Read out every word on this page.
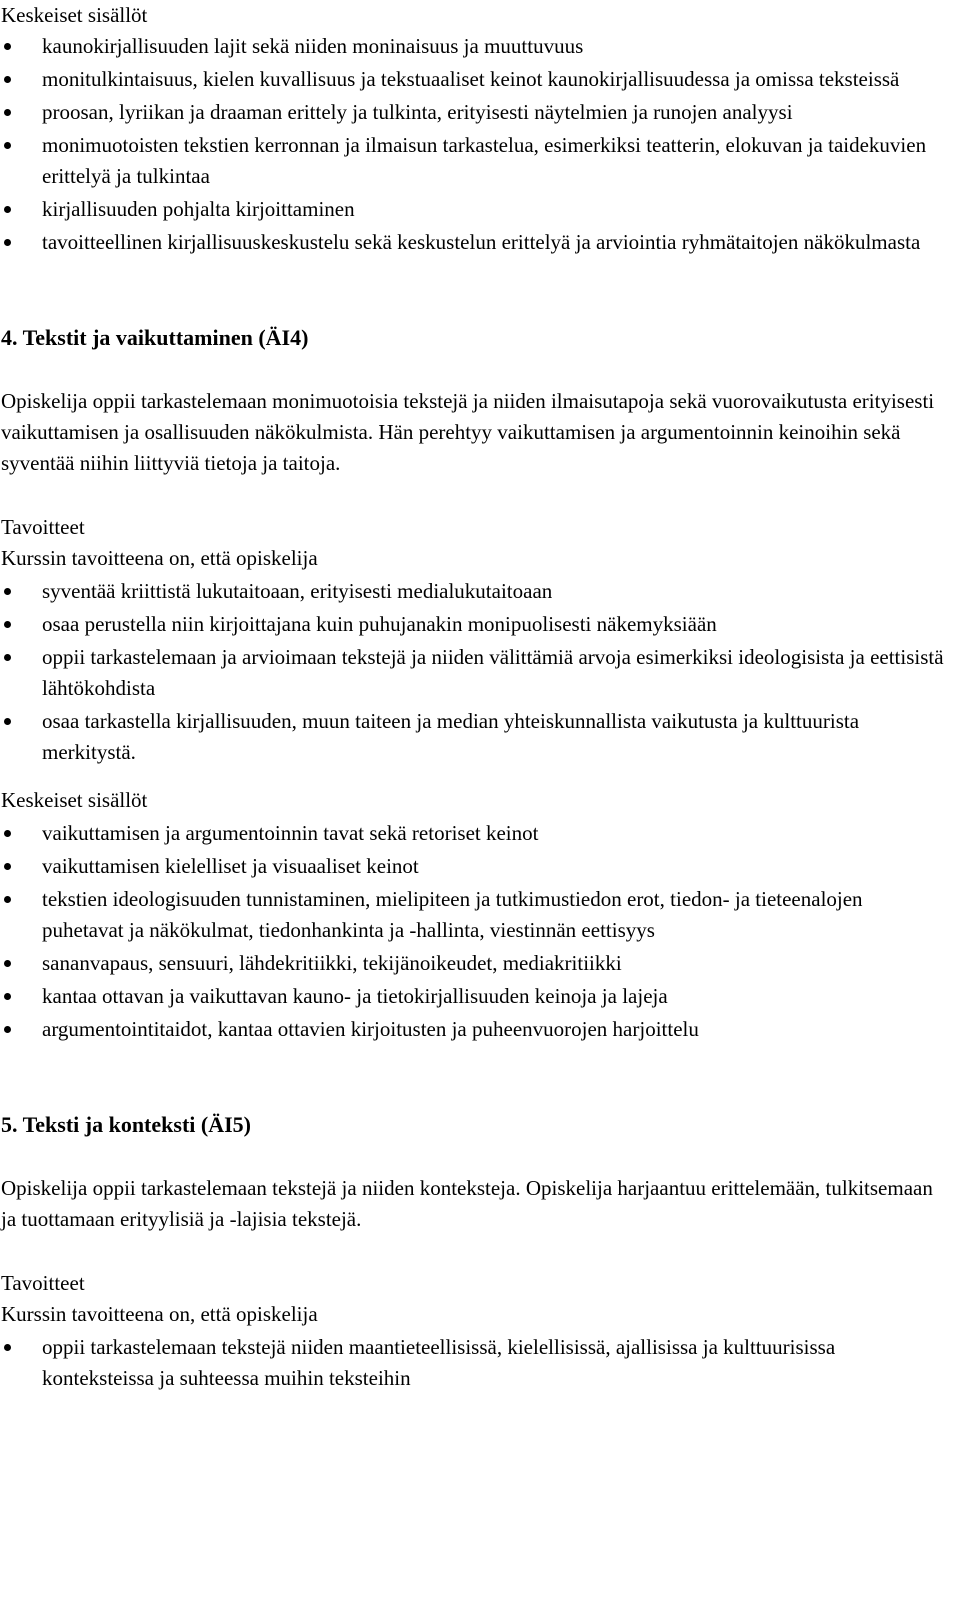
Keskeiset sisällöt

kaunokirjallisuuden lajit sekä niiden moninaisuus ja muuttuvuus
monitulkintaisuus, kielen kuvallisuus ja tekstuaaliset keinot kaunokirjallisuudessa ja omissa teksteissä
proosan, lyriikan ja draaman erittely ja tulkinta, erityisesti näytelmien ja runojen analyysi
monimuotoisten tekstien kerronnan ja ilmaisun tarkastelua, esimerkiksi teatterin, elokuvan ja taidekuvien erittelyä ja tulkintaa
kirjallisuuden pohjalta kirjoittaminen
tavoitteellinen kirjallisuuskeskustelu sekä keskustelun erittelyä ja arviointia ryhmätaitojen näkökulmasta
4. Tekstit ja vaikuttaminen (ÄI4)

Opiskelija oppii tarkastelemaan monimuotoisia tekstejä ja niiden ilmaisutapoja sekä vuorovaikutusta erityisesti vaikuttamisen ja osallisuuden näkökulmista. Hän perehtyy vaikuttamisen ja argumentoinnin keinoihin sekä syventää niihin liittyviä tietoja ja taitoja.

Tavoitteet

Kurssin tavoitteena on, että opiskelija

syventää kriittistä lukutaitoaan, erityisesti medialukutaitoaan
osaa perustella niin kirjoittajana kuin puhujanakin monipuolisesti näkemyksiään
oppii tarkastelemaan ja arvioimaan tekstejä ja niiden välittämiä arvoja esimerkiksi ideologisista ja eettisistä lähtökohdista
osaa tarkastella kirjallisuuden, muun taiteen ja median yhteiskunnallista vaikutusta ja kulttuurista merkitystä.

Keskeiset sisällöt

vaikuttamisen ja argumentoinnin tavat sekä retoriset keinot
vaikuttamisen kielelliset ja visuaaliset keinot
tekstien ideologisuuden tunnistaminen, mielipiteen ja tutkimustiedon erot, tiedon- ja tieteenalojen puhetavat ja näkökulmat, tiedonhankinta ja -hallinta, viestinnän eettisyys
sananvapaus, sensuuri, lähdekritiikki, tekijänoikeudet, mediakritiikki
kantaa ottavan ja vaikuttavan kauno- ja tietokirjallisuuden keinoja ja lajeja
argumentointitaidot, kantaa ottavien kirjoitusten ja puheenvuorojen harjoittelu
5. Teksti ja konteksti (ÄI5)

Opiskelija oppii tarkastelemaan tekstejä ja niiden konteksteja. Opiskelija harjaantuu erittelemään, tulkitsemaan ja tuottamaan erityylisiä ja -lajisia tekstejä.

Tavoitteet

Kurssin tavoitteena on, että opiskelija

oppii tarkastelemaan tekstejä niiden maantieteellisissä, kielellisissä, ajallisissa ja kulttuurisissa konteksteissa ja suhteessa muihin teksteihin
